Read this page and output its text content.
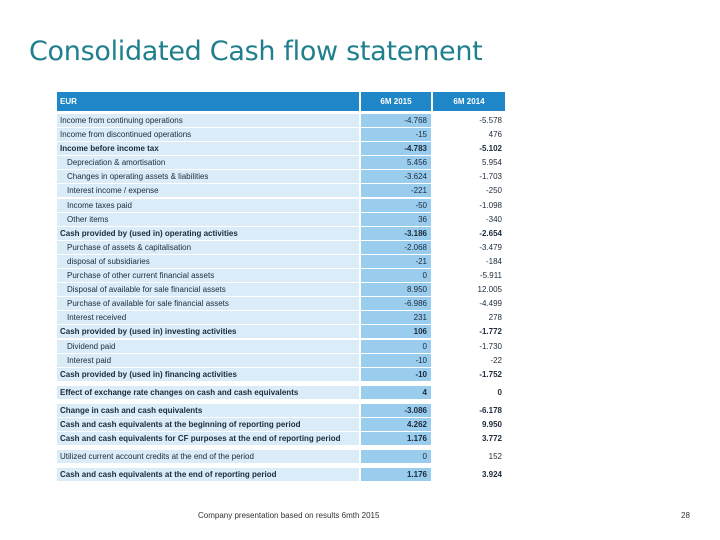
Consolidated Cash flow statement
EUR	6M 2015	6M 2014
Income from continuing operations	-4.768	-5.578
Income from discontinued operations	-15	476
Income before income tax	-4.783	-5.102
Depreciation & amortisation	5.456	5.954
Changes in operating assets & liabilities	-3.624	-1.703
Interest income / expense	-221	-250
Income taxes paid	-50	-1.098
Other items	36	-340
Cash provided by (used in) operating activities	-3.186	-2.654
Purchase of assets & capitalisation	-2.068	-3.479
disposal of subsidiaries	-21	-184
Purchase of other current financial assets	0	-5.911
Disposal of available for sale financial assets	8.950	12.005
Purchase of available for sale financial assets	-6.986	-4.499
Interest received	231	278
Cash provided by (used in) investing activities	106	-1.772
Dividend paid	0	-1.730
Interest paid	-10	-22
Cash provided by (used in) financing activities	-10	-1.752
Effect of exchange rate changes on cash and cash equivalents	4	0
Change in cash and cash equivalents	-3.086	-6.178
Cash and cash equivalents at the beginning of reporting period	4.262	9.950
Cash and cash equivalents for CF purposes at the end of reporting period	1.176	3.772
Utilized current account credits at the end of the period	0	152
Cash and cash equivalents at the end of reporting period	1.176	3.924
Company presentation based on results 6mth 2015	28
